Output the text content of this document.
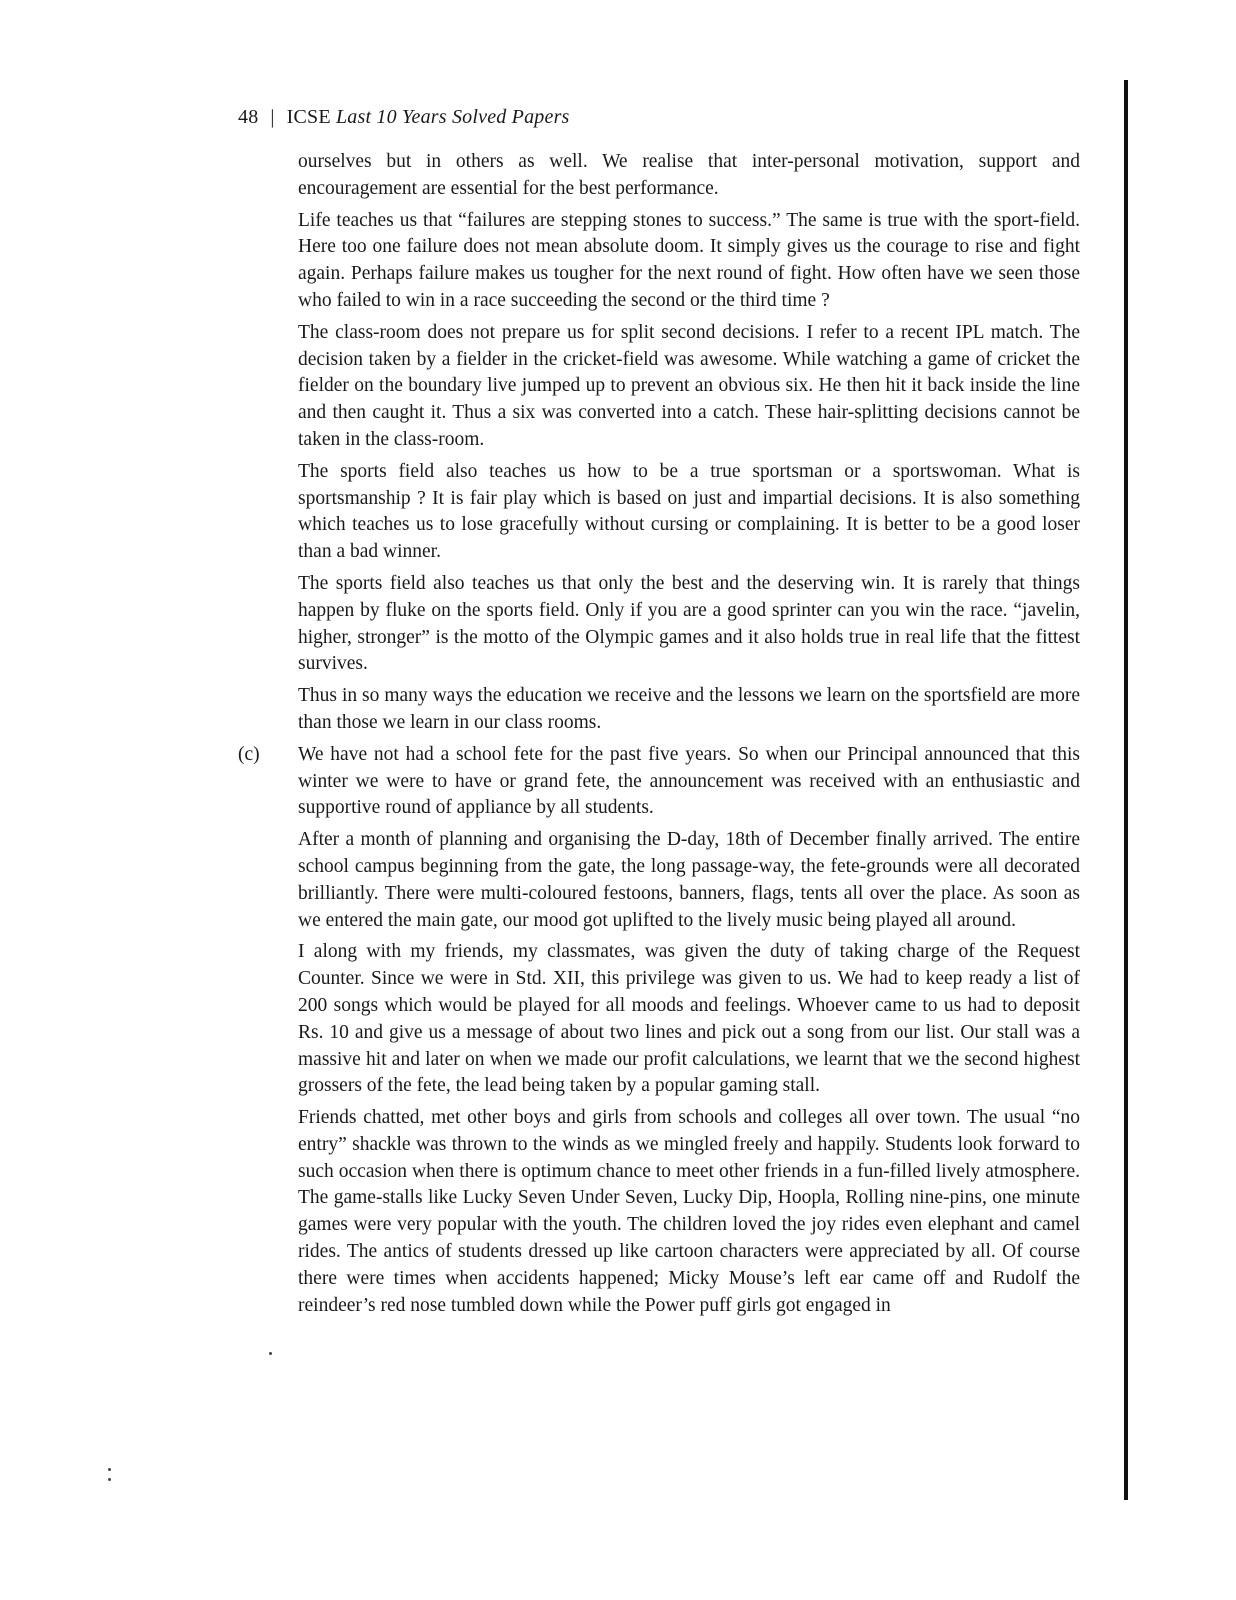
48 | ICSE Last 10 Years Solved Papers

ourselves but in others as well. We realise that inter-personal motivation, support and encouragement are essential for the best performance.

Life teaches us that “failures are stepping stones to success.” The same is true with the sport-field. Here too one failure does not mean absolute doom. It simply gives us the courage to rise and fight again. Perhaps failure makes us tougher for the next round of fight. How often have we seen those who failed to win in a race succeeding the second or the third time ?

The class-room does not prepare us for split second decisions. I refer to a recent IPL match. The decision taken by a fielder in the cricket-field was awesome. While watching a game of cricket the fielder on the boundary live jumped up to prevent an obvious six. He then hit it back inside the line and then caught it. Thus a six was converted into a catch. These hair-splitting decisions cannot be taken in the class-room.

The sports field also teaches us how to be a true sportsman or a sportswoman. What is sportsmanship ? It is fair play which is based on just and impartial decisions. It is also something which teaches us to lose gracefully without cursing or complaining. It is better to be a good loser than a bad winner.

The sports field also teaches us that only the best and the deserving win. It is rarely that things happen by fluke on the sports field. Only if you are a good sprinter can you win the race. “javelin, higher, stronger” is the motto of the Olympic games and it also holds true in real life that the fittest survives.

Thus in so many ways the education we receive and the lessons we learn on the sportsfield are more than those we learn in our class rooms.

(c) We have not had a school fete for the past five years. So when our Principal announced that this winter we were to have or grand fete, the announcement was received with an enthusiastic and supportive round of appliance by all students.

After a month of planning and organising the D-day, 18th of December finally arrived. The entire school campus beginning from the gate, the long passage-way, the fete-grounds were all decorated brilliantly. There were multi-coloured festoons, banners, flags, tents all over the place. As soon as we entered the main gate, our mood got uplifted to the lively music being played all around.

I along with my friends, my classmates, was given the duty of taking charge of the Request Counter. Since we were in Std. XII, this privilege was given to us. We had to keep ready a list of 200 songs which would be played for all moods and feelings. Whoever came to us had to deposit Rs. 10 and give us a message of about two lines and pick out a song from our list. Our stall was a massive hit and later on when we made our profit calculations, we learnt that we the second highest grossers of the fete, the lead being taken by a popular gaming stall.

Friends chatted, met other boys and girls from schools and colleges all over town. The usual “no entry” shackle was thrown to the winds as we mingled freely and happily. Students look forward to such occasion when there is optimum chance to meet other friends in a fun-filled lively atmosphere. The game-stalls like Lucky Seven Under Seven, Lucky Dip, Hoopla, Rolling nine-pins, one minute games were very popular with the youth. The children loved the joy rides even elephant and camel rides. The antics of students dressed up like cartoon characters were appreciated by all. Of course there were times when accidents happened; Micky Mouse’s left ear came off and Rudolf the reindeer’s red nose tumbled down while the Power puff girls got engaged in
